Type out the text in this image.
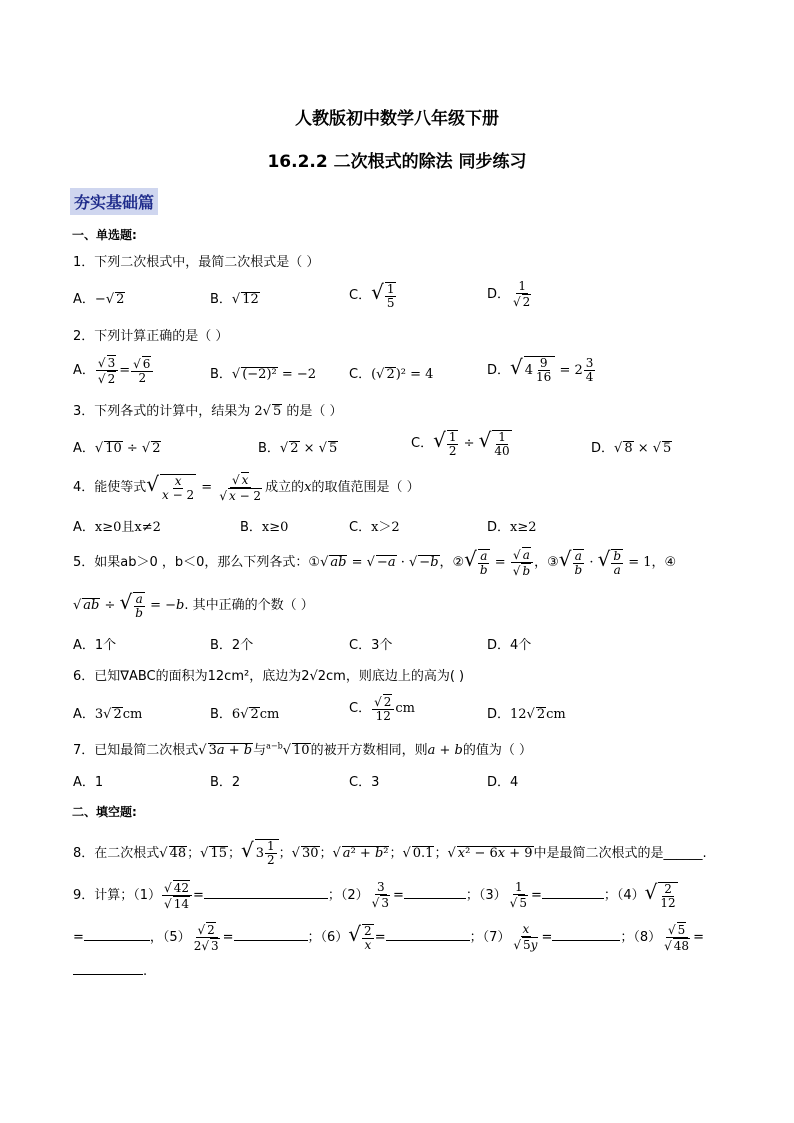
人教版初中数学八年级下册
16.2.2 二次根式的除法 同步练习
夯实基础篇
一、单选题:
1．下列二次根式中，最简二次根式是（ ）
A．−√ 2	B．√ 12	C．√ $\frac{1}{5}$	D． $\frac{1}{√ 2}$
2．下列计算正确的是（ ）
A． $\frac{√ 3}{√ 2} = \frac{√ 6}{2}$	B．√ (−2)² = −2	C．(√ 2)² = 4	D．√ $4 \frac{9}{16} = 2 \frac{3}{4}$
3．下列各式的计算中，结果为 2√ 5 的是（ ）
A．√ 10 ÷ √ 2	B．√ 2 × √ 5	C．√ $\frac{1}{2}$ ÷ √ $\frac{1}{40}$	D．√ 8 × √ 5
4．能使等式√ $\frac{x}{x - 2} = \frac{√ x}{√ x - 2}$ 成立的x的取值范围是（ ）
A．x≥0且x≠2	B．x≥0	C．x＞2	D．x≥2
5．如果ab＞0 ，b＜0，那么下列各式：①√ ab = √ −a · √ −b，②√ $\frac{a}{b} = \frac{√ a}{√ b}$ ，③√ $\frac{a}{b}$ · √ $\frac{b}{a} = 1$，④
√ ab ÷ √ $\frac{a}{b} = -b$. 其中正确的个数（ ）
A．1个	B．2个	C．3个	D．4个
6．已知∇ABC的面积为12cm²，底边为2√2cm，则底边上的高为( )
A．3√ 2cm	B．6√ 2cm	C． $\frac{√ 2}{12}$ cm	D．12√ 2cm
7．已知最简二次根式√ 3a + b与$^{a-b}$√ 10的被开方数相同，则a + b的值为（ ）
A．1	B．2	C．3	D．4
二、填空题:
8．在二次根式√ 48；√ 15；√ $3 \frac{1}{2}$ ；√ 30；√ a² + b²；√ 0.1；√ x² − 6x + 9中是最简二次根式的是______.
9．计算；$(1) \frac{√ 42}{√ 14}$ =	；$(2) \frac{3}{√ 3}$ =	；$(3) \frac{1}{√ 5}$ =	；$(4)√ \frac{2}{12}$
=	，$(5) \frac{√ 2}{2√ 3}$ =	；$(6)√ \frac{2}{x}$ =	；$(7) \frac{x}{√ 5y}$ =	；$(8) \frac{√ 5}{√ 48}$ =
.
